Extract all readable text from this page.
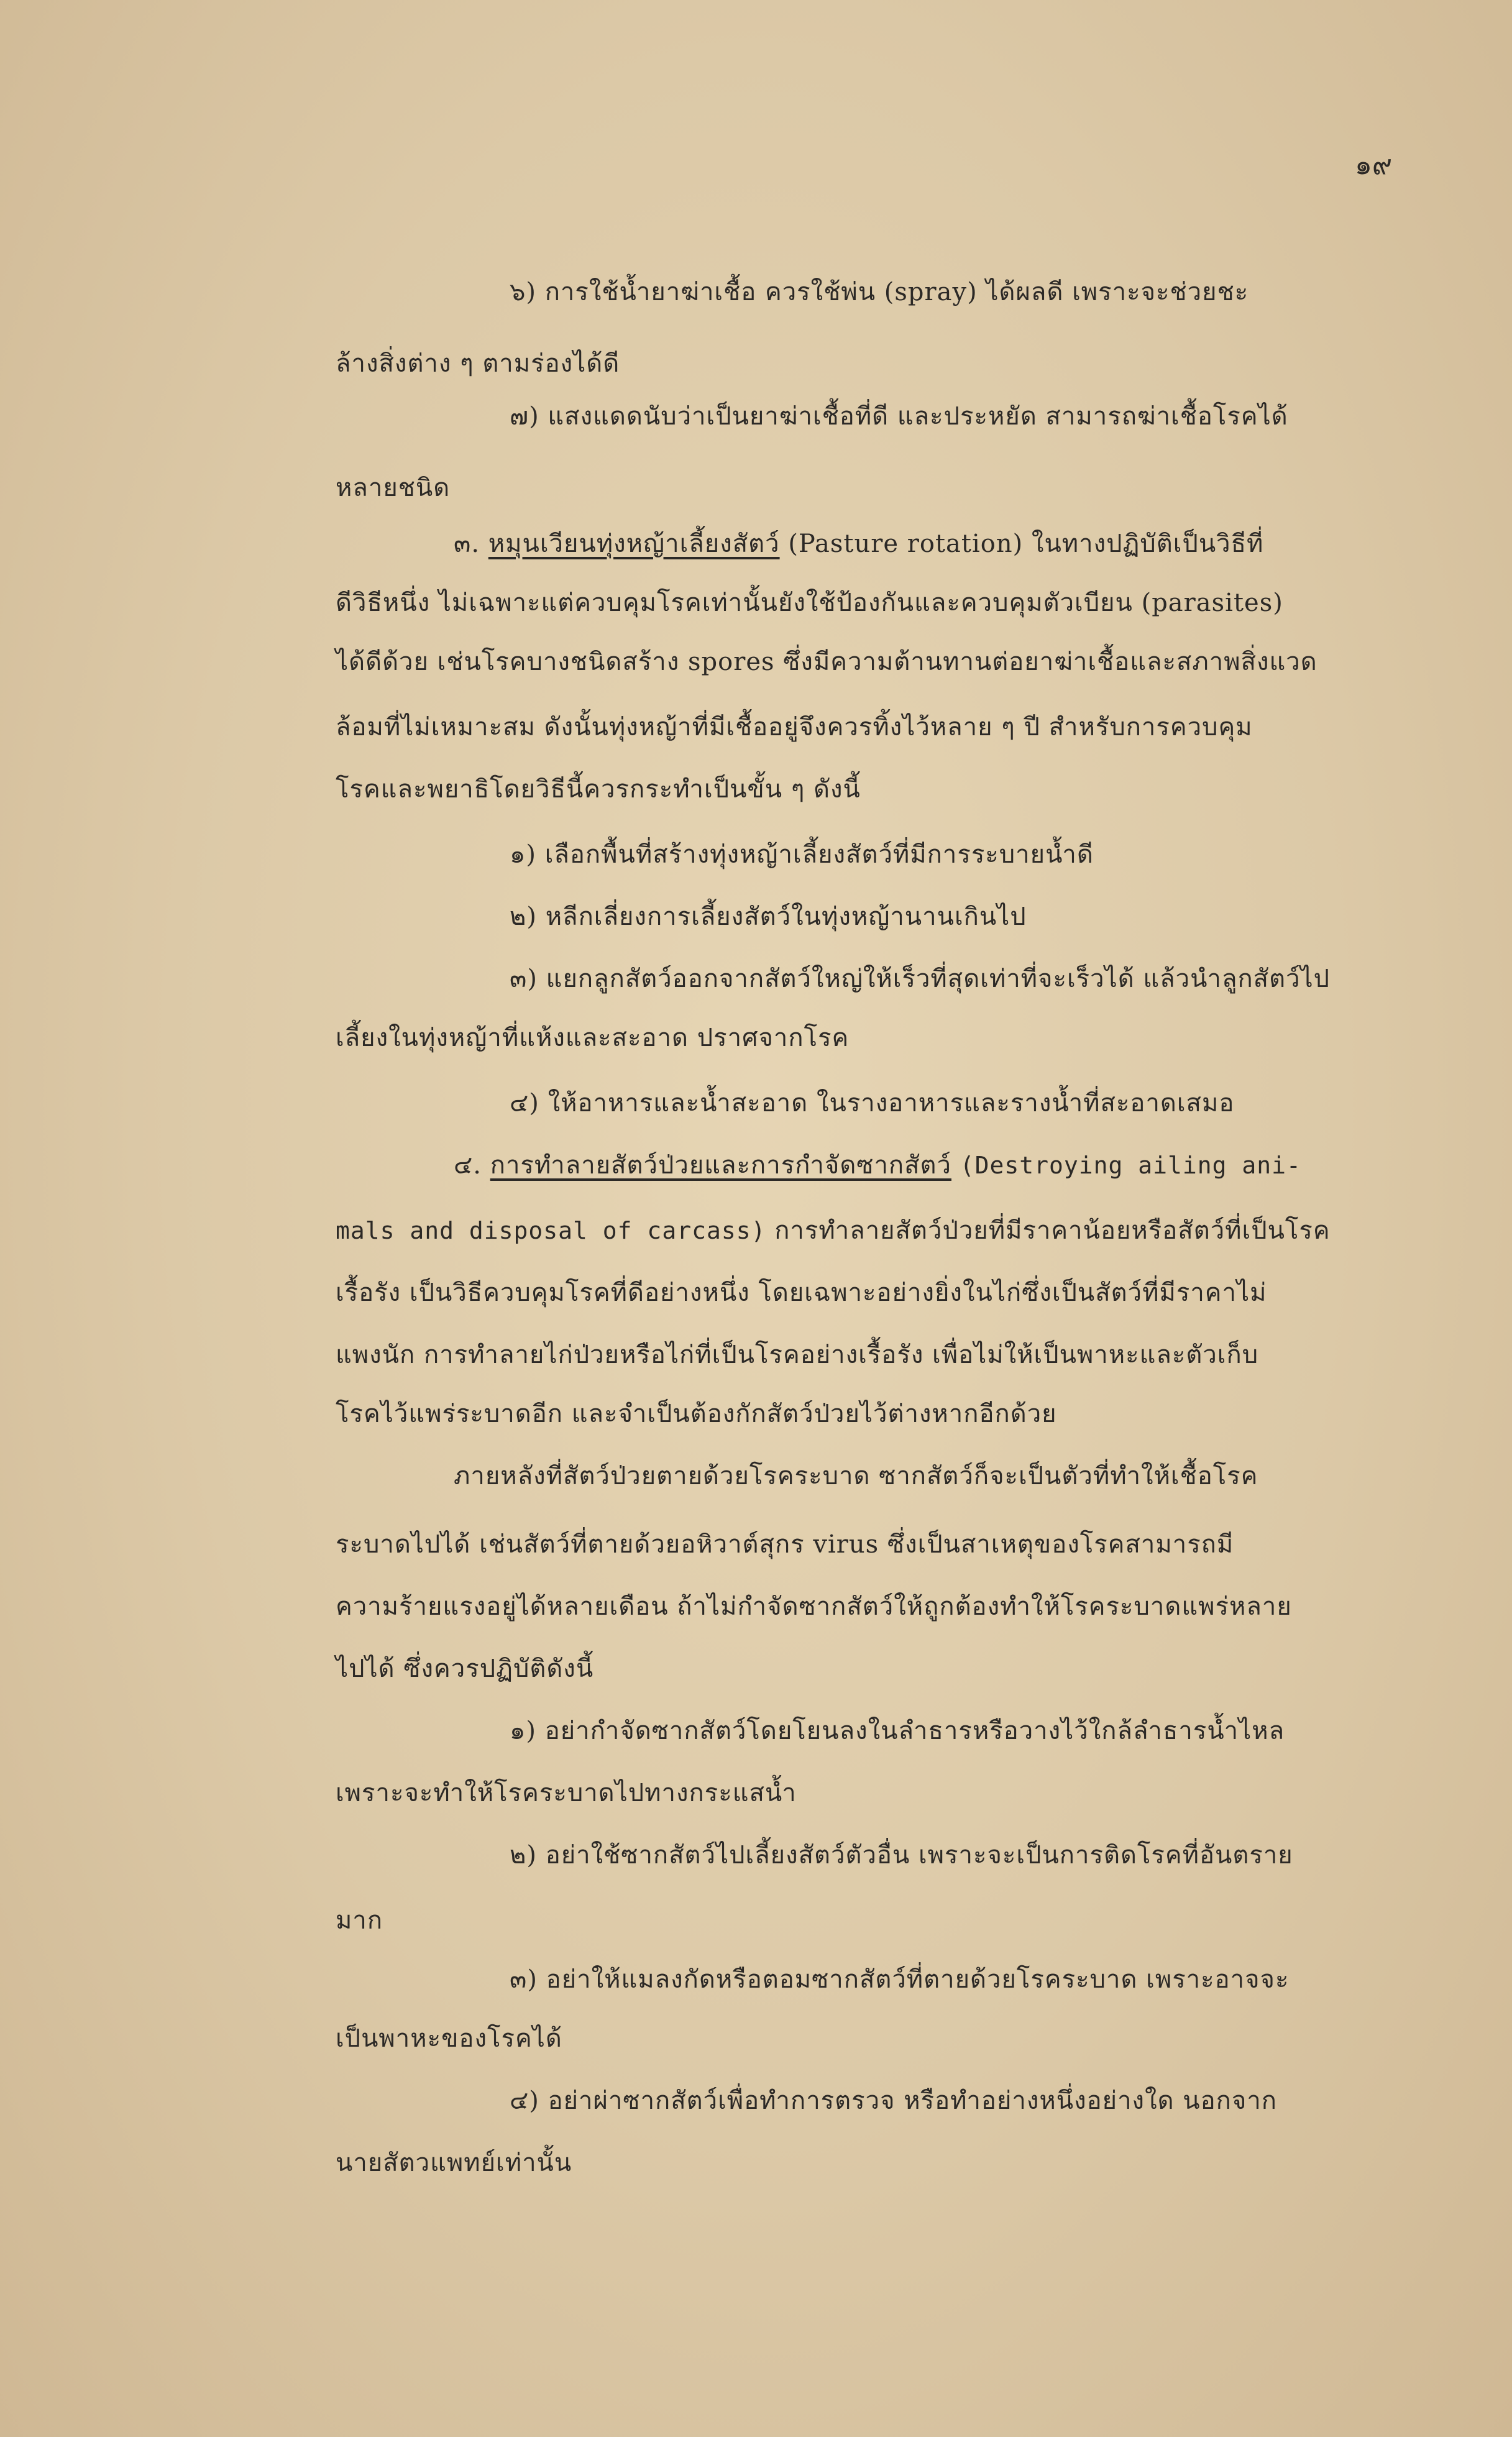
๑๙
๖) การใช้น้ำยาฆ่าเชื้อ ควรใช้พ่น (spray) ได้ผลดี เพราะจะช่วยชะ
ล้างสิ่งต่าง ๆ ตามร่องได้ดี
๗) แสงแดดนับว่าเป็นยาฆ่าเชื้อที่ดี และประหยัด สามารถฆ่าเชื้อโรคได้
หลายชนิด
๓. หมุนเวียนทุ่งหญ้าเลี้ยงสัตว์ (Pasture rotation) ในทางปฏิบัติเป็นวิธีที่
ดีวิธีหนึ่ง ไม่เฉพาะแต่ควบคุมโรคเท่านั้นยังใช้ป้องกันและควบคุมตัวเบียน (parasites)
ได้ดีด้วย เช่นโรคบางชนิดสร้าง spores ซึ่งมีความต้านทานต่อยาฆ่าเชื้อและสภาพสิ่งแวด
ล้อมที่ไม่เหมาะสม ดังนั้นทุ่งหญ้าที่มีเชื้ออยู่จึงควรทิ้งไว้หลาย ๆ ปี สำหรับการควบคุม
โรคและพยาธิโดยวิธีนี้ควรกระทำเป็นขั้น ๆ ดังนี้
๑) เลือกพื้นที่สร้างทุ่งหญ้าเลี้ยงสัตว์ที่มีการระบายน้ำดี
๒) หลีกเลี่ยงการเลี้ยงสัตว์ในทุ่งหญ้านานเกินไป
๓) แยกลูกสัตว์ออกจากสัตว์ใหญ่ให้เร็วที่สุดเท่าที่จะเร็วได้ แล้วนำลูกสัตว์ไป
เลี้ยงในทุ่งหญ้าที่แห้งและสะอาด ปราศจากโรค
๔) ให้อาหารและน้ำสะอาด ในรางอาหารและรางน้ำที่สะอาดเสมอ
๔. การทำลายสัตว์ป่วยและการกำจัดซากสัตว์ (Destroying ailing ani-
mals and disposal of carcass) การทำลายสัตว์ป่วยที่มีราคาน้อยหรือสัตว์ที่เป็นโรค
เรื้อรัง เป็นวิธีควบคุมโรคที่ดีอย่างหนึ่ง โดยเฉพาะอย่างยิ่งในไก่ซึ่งเป็นสัตว์ที่มีราคาไม่
แพงนัก การทำลายไก่ป่วยหรือไก่ที่เป็นโรคอย่างเรื้อรัง เพื่อไม่ให้เป็นพาหะและตัวเก็บ
โรคไว้แพร่ระบาดอีก และจำเป็นต้องกักสัตว์ป่วยไว้ต่างหากอีกด้วย
ภายหลังที่สัตว์ป่วยตายด้วยโรคระบาด ซากสัตว์ก็จะเป็นตัวที่ทำให้เชื้อโรค
ระบาดไปได้ เช่นสัตว์ที่ตายด้วยอหิวาต์สุกร virus ซึ่งเป็นสาเหตุของโรคสามารถมี
ความร้ายแรงอยู่ได้หลายเดือน ถ้าไม่กำจัดซากสัตว์ให้ถูกต้องทำให้โรคระบาดแพร่หลาย
ไปได้ ซึ่งควรปฏิบัติดังนี้
๑) อย่ากำจัดซากสัตว์โดยโยนลงในลำธารหรือวางไว้ใกล้ลำธารน้ำไหล
เพราะจะทำให้โรคระบาดไปทางกระแสน้ำ
๒) อย่าใช้ซากสัตว์ไปเลี้ยงสัตว์ตัวอื่น เพราะจะเป็นการติดโรคที่อันตราย
มาก
๓) อย่าให้แมลงกัดหรือตอมซากสัตว์ที่ตายด้วยโรคระบาด เพราะอาจจะ
เป็นพาหะของโรคได้
๔) อย่าผ่าซากสัตว์เพื่อทำการตรวจ หรือทำอย่างหนึ่งอย่างใด นอกจาก
นายสัตวแพทย์เท่านั้น
